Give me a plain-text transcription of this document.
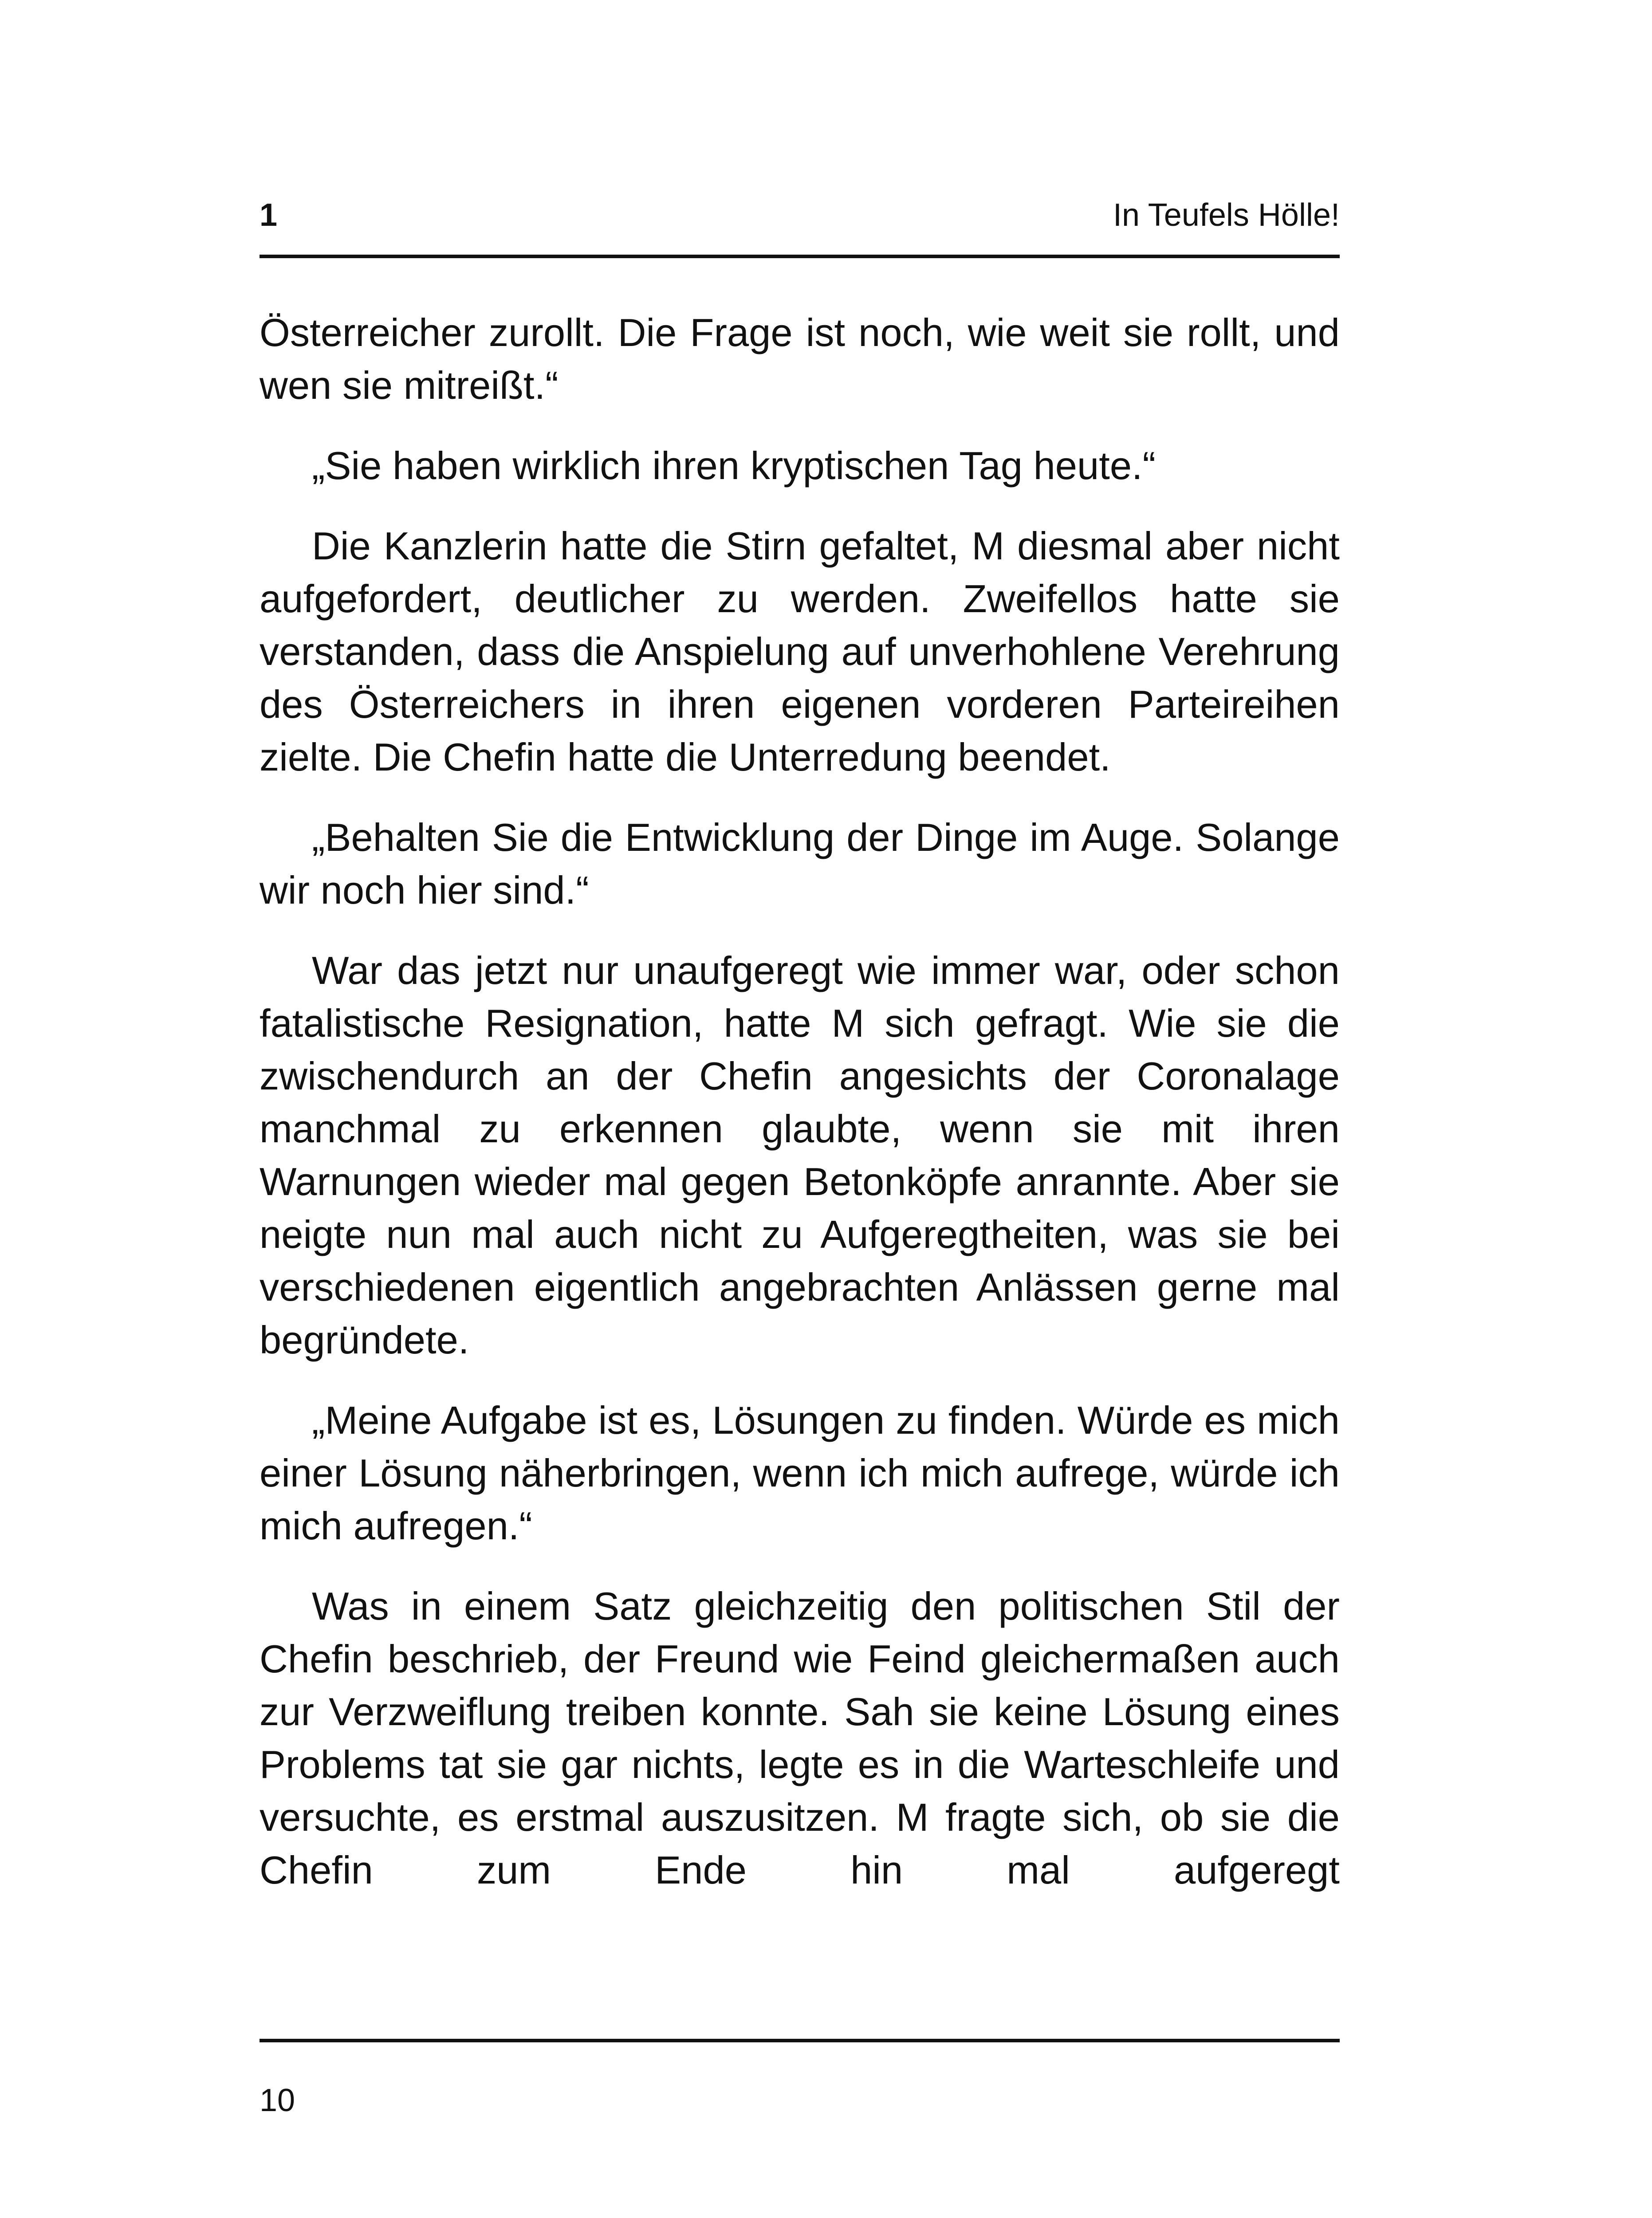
1	In Teufels Hölle!

Österreicher zurollt. Die Frage ist noch, wie weit sie rollt, und wen sie mitreißt.“

„Sie haben wirklich ihren kryptischen Tag heute.“

Die Kanzlerin hatte die Stirn gefaltet, M diesmal aber nicht aufgefordert, deutlicher zu werden. Zweifellos hatte sie verstanden, dass die Anspielung auf unverhohlene Verehrung des Österreichers in ihren eigenen vorderen Parteireihen zielte. Die Chefin hatte die Unterredung beendet.

„Behalten Sie die Entwicklung der Dinge im Auge. Solange wir noch hier sind.“

War das jetzt nur unaufgeregt wie immer war, oder schon fatalistische Resignation, hatte M sich gefragt. Wie sie die zwischendurch an der Chefin angesichts der Coronalage manchmal zu erkennen glaubte, wenn sie mit ihren Warnungen wieder mal gegen Betonköpfe anrannte. Aber sie neigte nun mal auch nicht zu Aufgeregtheiten, was sie bei verschiedenen eigentlich angebrachten Anlässen gerne mal begründete.

„Meine Aufgabe ist es, Lösungen zu finden. Würde es mich einer Lösung näherbringen, wenn ich mich aufrege, würde ich mich aufregen.“

Was in einem Satz gleichzeitig den politischen Stil der Chefin beschrieb, der Freund wie Feind gleichermaßen auch zur Verzweiflung treiben konnte. Sah sie keine Lösung eines Problems tat sie gar nichts, legte es in die Warteschleife und versuchte, es erstmal auszusitzen. M fragte sich, ob sie die Chefin zum Ende hin mal aufgeregt

10
